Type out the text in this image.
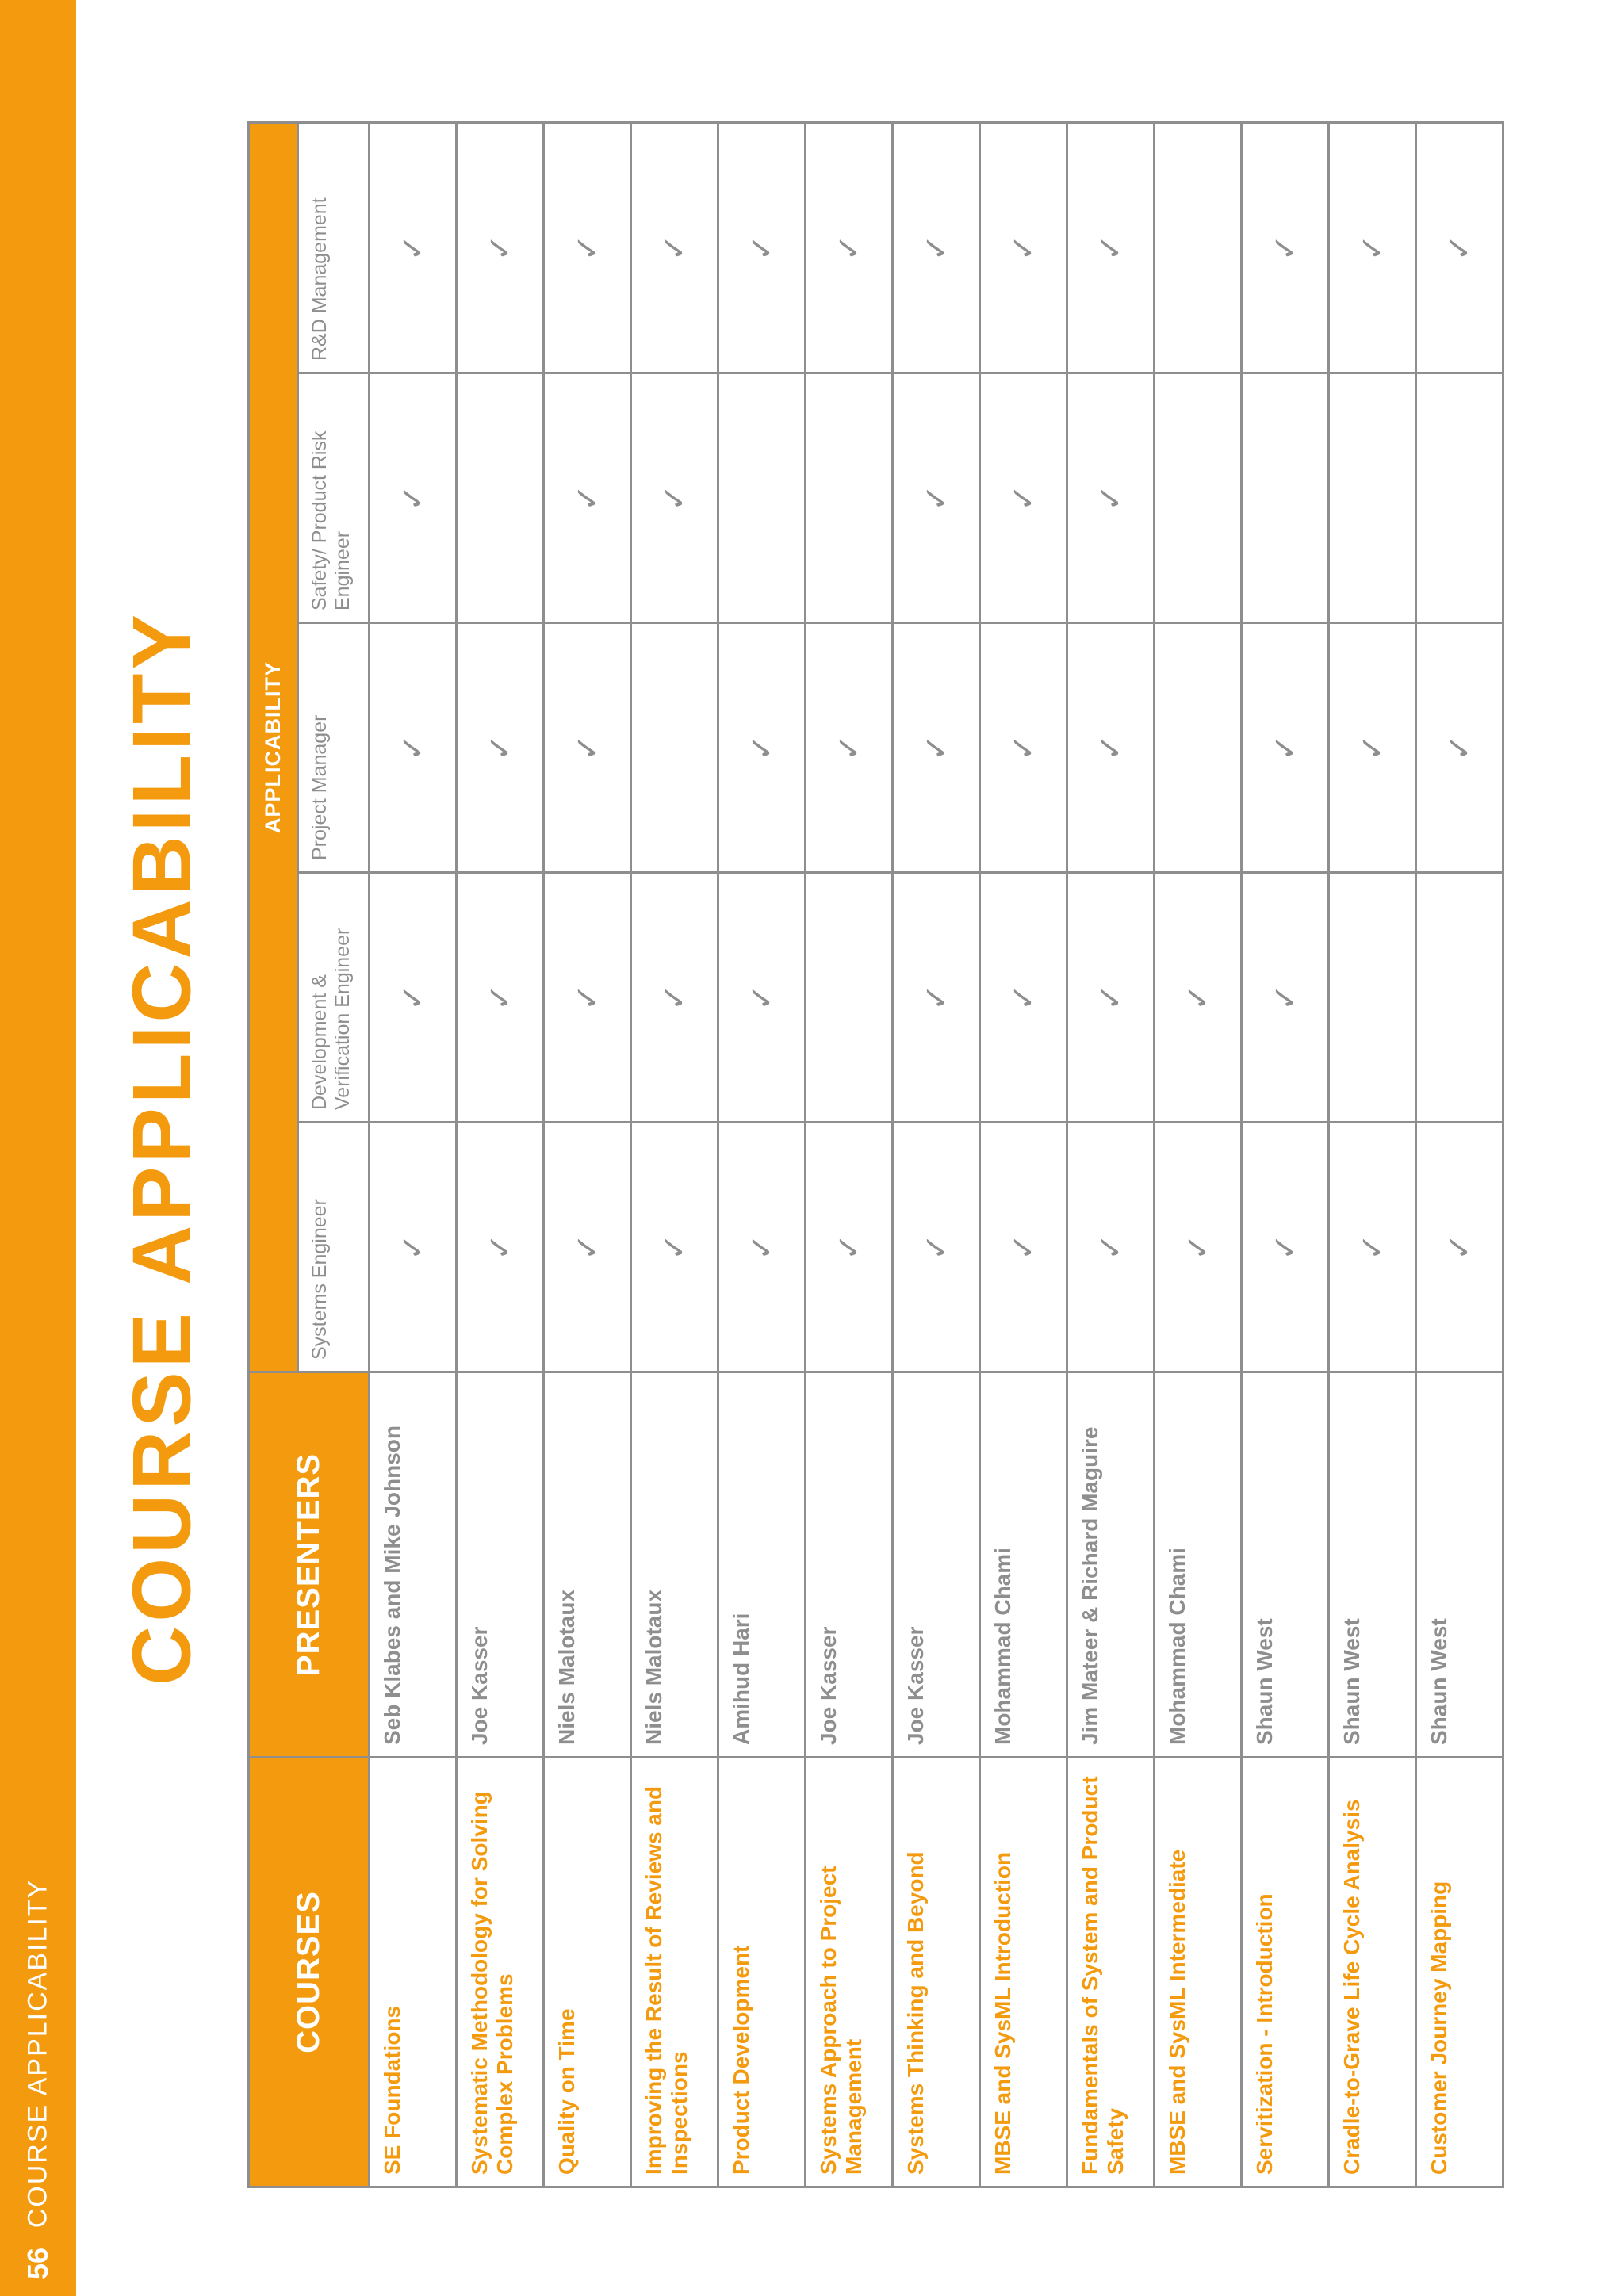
COURSE APPLICABILITY
56
COURSE APPLICABILITY
COURSES	PRESENTERS	APPLICABILITY				
		Systems Engineer	Development & Verification Engineer	Project Manager	Safety/ Product Risk Engineer	R&D Management
SE Foundations	Seb Klabes and Mike Johnson	✓	✓	✓	✓	✓
Systematic Methodology for Solving Complex Problems	Joe Kasser	✓	✓	✓		✓
Quality on Time	Niels Malotaux	✓	✓	✓	✓	✓
Improving the Result of Reviews and Inspections	Niels Malotaux	✓	✓		✓	✓
Product Development	Amihud Hari	✓	✓	✓		✓
Systems Approach to Project Management	Joe Kasser	✓		✓		✓
Systems Thinking and Beyond	Joe Kasser	✓	✓	✓	✓	✓
MBSE and SysML Introduction	Mohammad Chami	✓	✓	✓	✓	✓
Fundamentals of System and Product Safety	Jim Mateer & Richard Maguire	✓	✓	✓	✓	✓
MBSE and SysML Intermediate	Mohammad Chami	✓	✓			
Servitization - Introduction	Shaun West	✓	✓	✓		✓
Cradle-to-Grave Life Cycle Analysis	Shaun West	✓		✓		✓
Customer Journey Mapping	Shaun West	✓		✓		✓
